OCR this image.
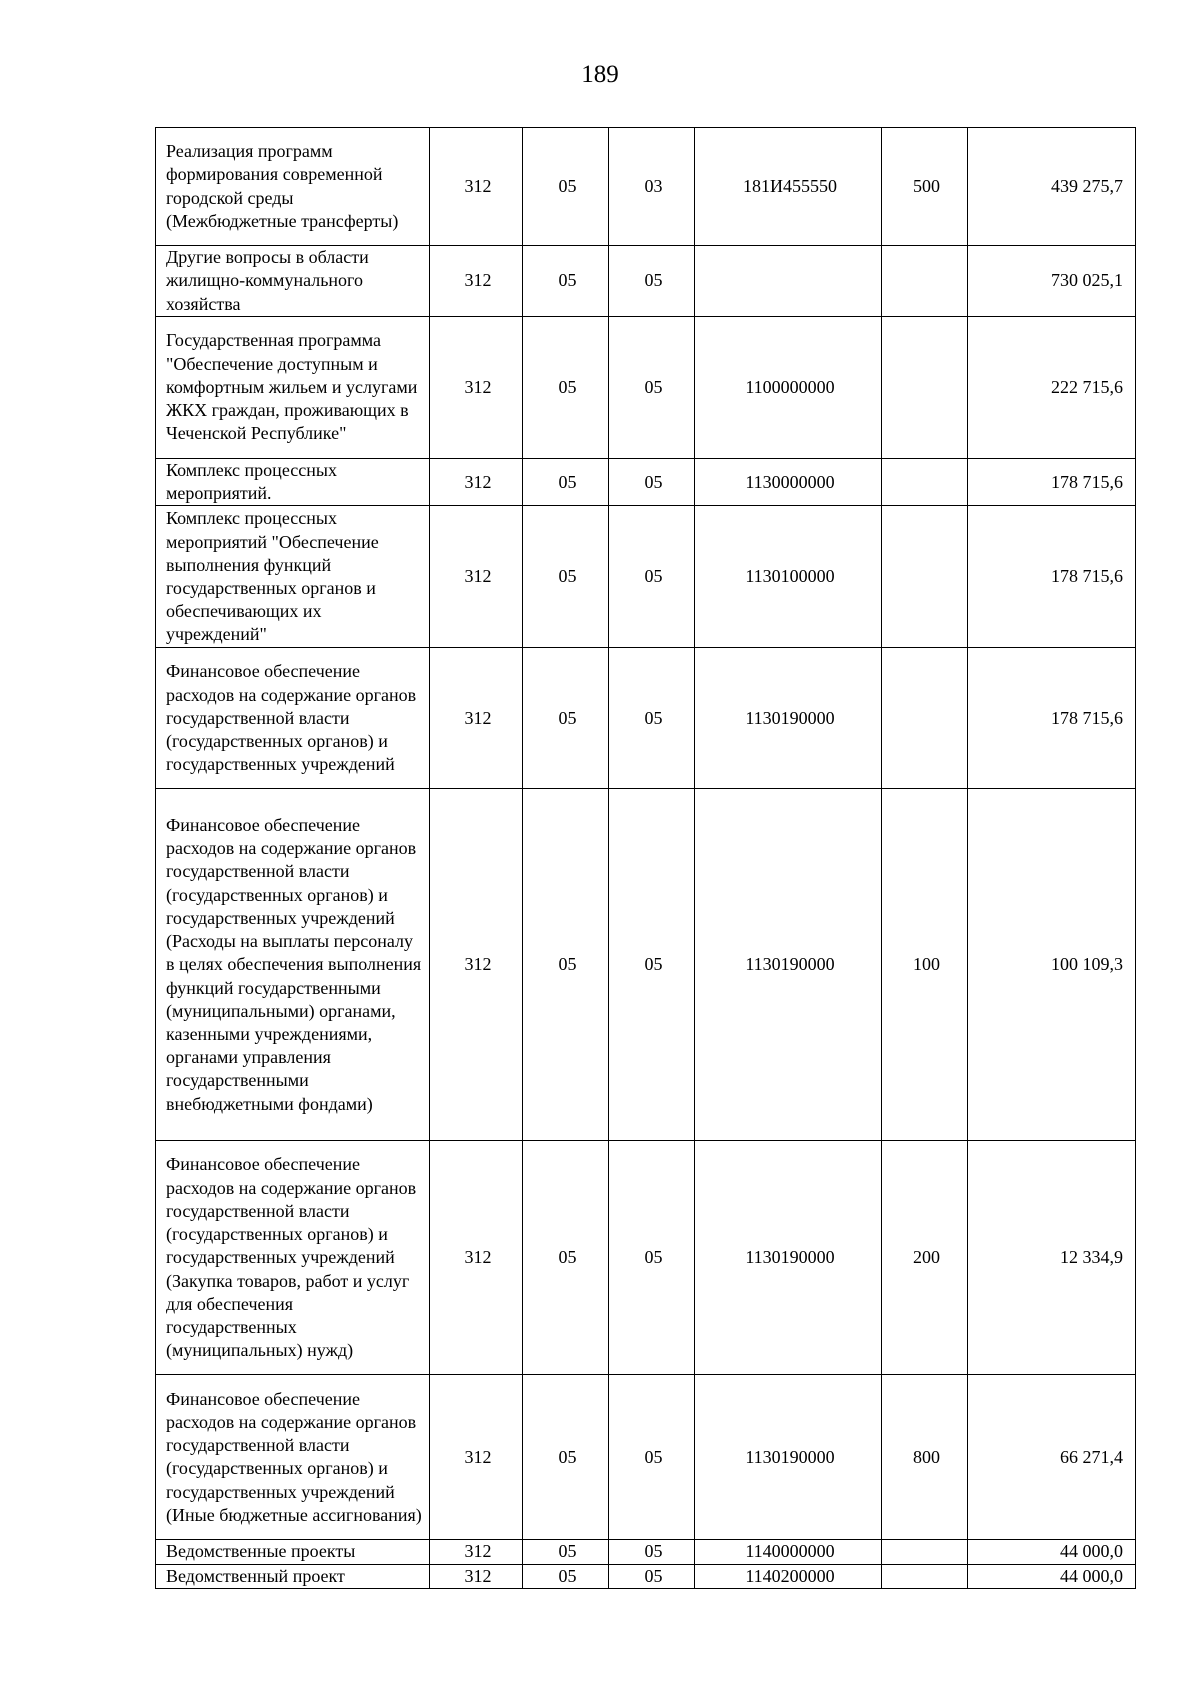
189
Реализация программ формирования современной городской среды (Межбюджетные трансферты)	312	05	03	181И455550	500	439 275,7
Другие вопросы в области жилищно-коммунального хозяйства	312	05	05			730 025,1
Государственная программа "Обеспечение доступным и комфортным жильем и услугами ЖКХ граждан, проживающих в Чеченской Республике"	312	05	05	1100000000		222 715,6
Комплекс процессных мероприятий.	312	05	05	1130000000		178 715,6
Комплекс процессных мероприятий "Обеспечение выполнения функций государственных органов и обеспечивающих их учреждений"	312	05	05	1130100000		178 715,6
Финансовое обеспечение расходов на содержание органов государственной власти (государственных органов) и государственных учреждений	312	05	05	1130190000		178 715,6
Финансовое обеспечение расходов на содержание органов государственной власти (государственных органов) и государственных учреждений (Расходы на выплаты персоналу в целях обеспечения выполнения функций государственными (муниципальными) органами, казенными учреждениями, органами управления государственными внебюджетными фондами)	312	05	05	1130190000	100	100 109,3
Финансовое обеспечение расходов на содержание органов государственной власти (государственных органов) и государственных учреждений (Закупка товаров, работ и услуг для обеспечения государственных (муниципальных) нужд)	312	05	05	1130190000	200	12 334,9
Финансовое обеспечение расходов на содержание органов государственной власти (государственных органов) и государственных учреждений (Иные бюджетные ассигнования)	312	05	05	1130190000	800	66 271,4
Ведомственные проекты	312	05	05	1140000000		44 000,0
Ведомственный проект	312	05	05	1140200000		44 000,0
